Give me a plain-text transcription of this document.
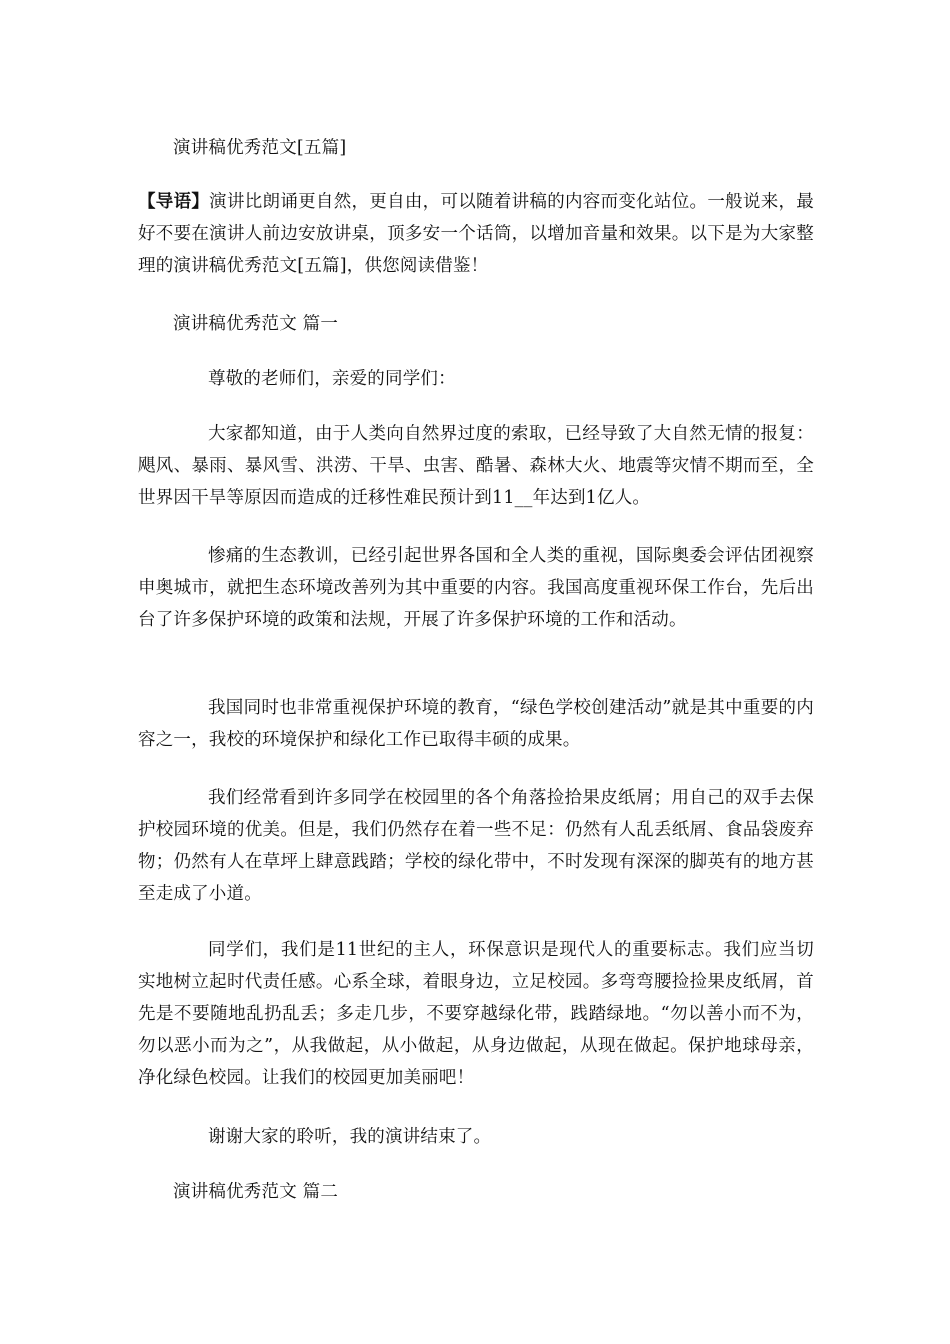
演讲稿优秀范文[五篇]

【导语】演讲比朗诵更自然，更自由，可以随着讲稿的内容而变化站位。一般说来，最好不要在演讲人前边安放讲桌，顶多安一个话筒，以增加音量和效果。以下是为大家整理的演讲稿优秀范文[五篇]，供您阅读借鉴！

演讲稿优秀范文 篇一

尊敬的老师们，亲爱的同学们：

大家都知道，由于人类向自然界过度的索取，已经导致了大自然无情的报复：飓风、暴雨、暴风雪、洪涝、干旱、虫害、酷暑、森林大火、地震等灾情不期而至，全世界因干旱等原因而造成的迁移性难民预计到11__年达到1亿人。

惨痛的生态教训，已经引起世界各国和全人类的重视，国际奥委会评估团视察申奥城市，就把生态环境改善列为其中重要的内容。我国高度重视环保工作台，先后出台了许多保护环境的政策和法规，开展了许多保护环境的工作和活动。

我国同时也非常重视保护环境的教育，“绿色学校创建活动”就是其中重要的内容之一，我校的环境保护和绿化工作已取得丰硕的成果。

我们经常看到许多同学在校园里的各个角落捡拾果皮纸屑；用自己的双手去保护校园环境的优美。但是，我们仍然存在着一些不足：仍然有人乱丢纸屑、食品袋废弃物；仍然有人在草坪上肆意践踏；学校的绿化带中，不时发现有深深的脚英有的地方甚至走成了小道。

同学们，我们是11世纪的主人，环保意识是现代人的重要标志。我们应当切实地树立起时代责任感。心系全球，着眼身边，立足校园。多弯弯腰捡捡果皮纸屑，首先是不要随地乱扔乱丢；多走几步，不要穿越绿化带，践踏绿地。“勿以善小而不为，勿以恶小而为之”，从我做起，从小做起，从身边做起，从现在做起。保护地球母亲，净化绿色校园。让我们的校园更加美丽吧！

谢谢大家的聆听，我的演讲结束了。

演讲稿优秀范文 篇二
